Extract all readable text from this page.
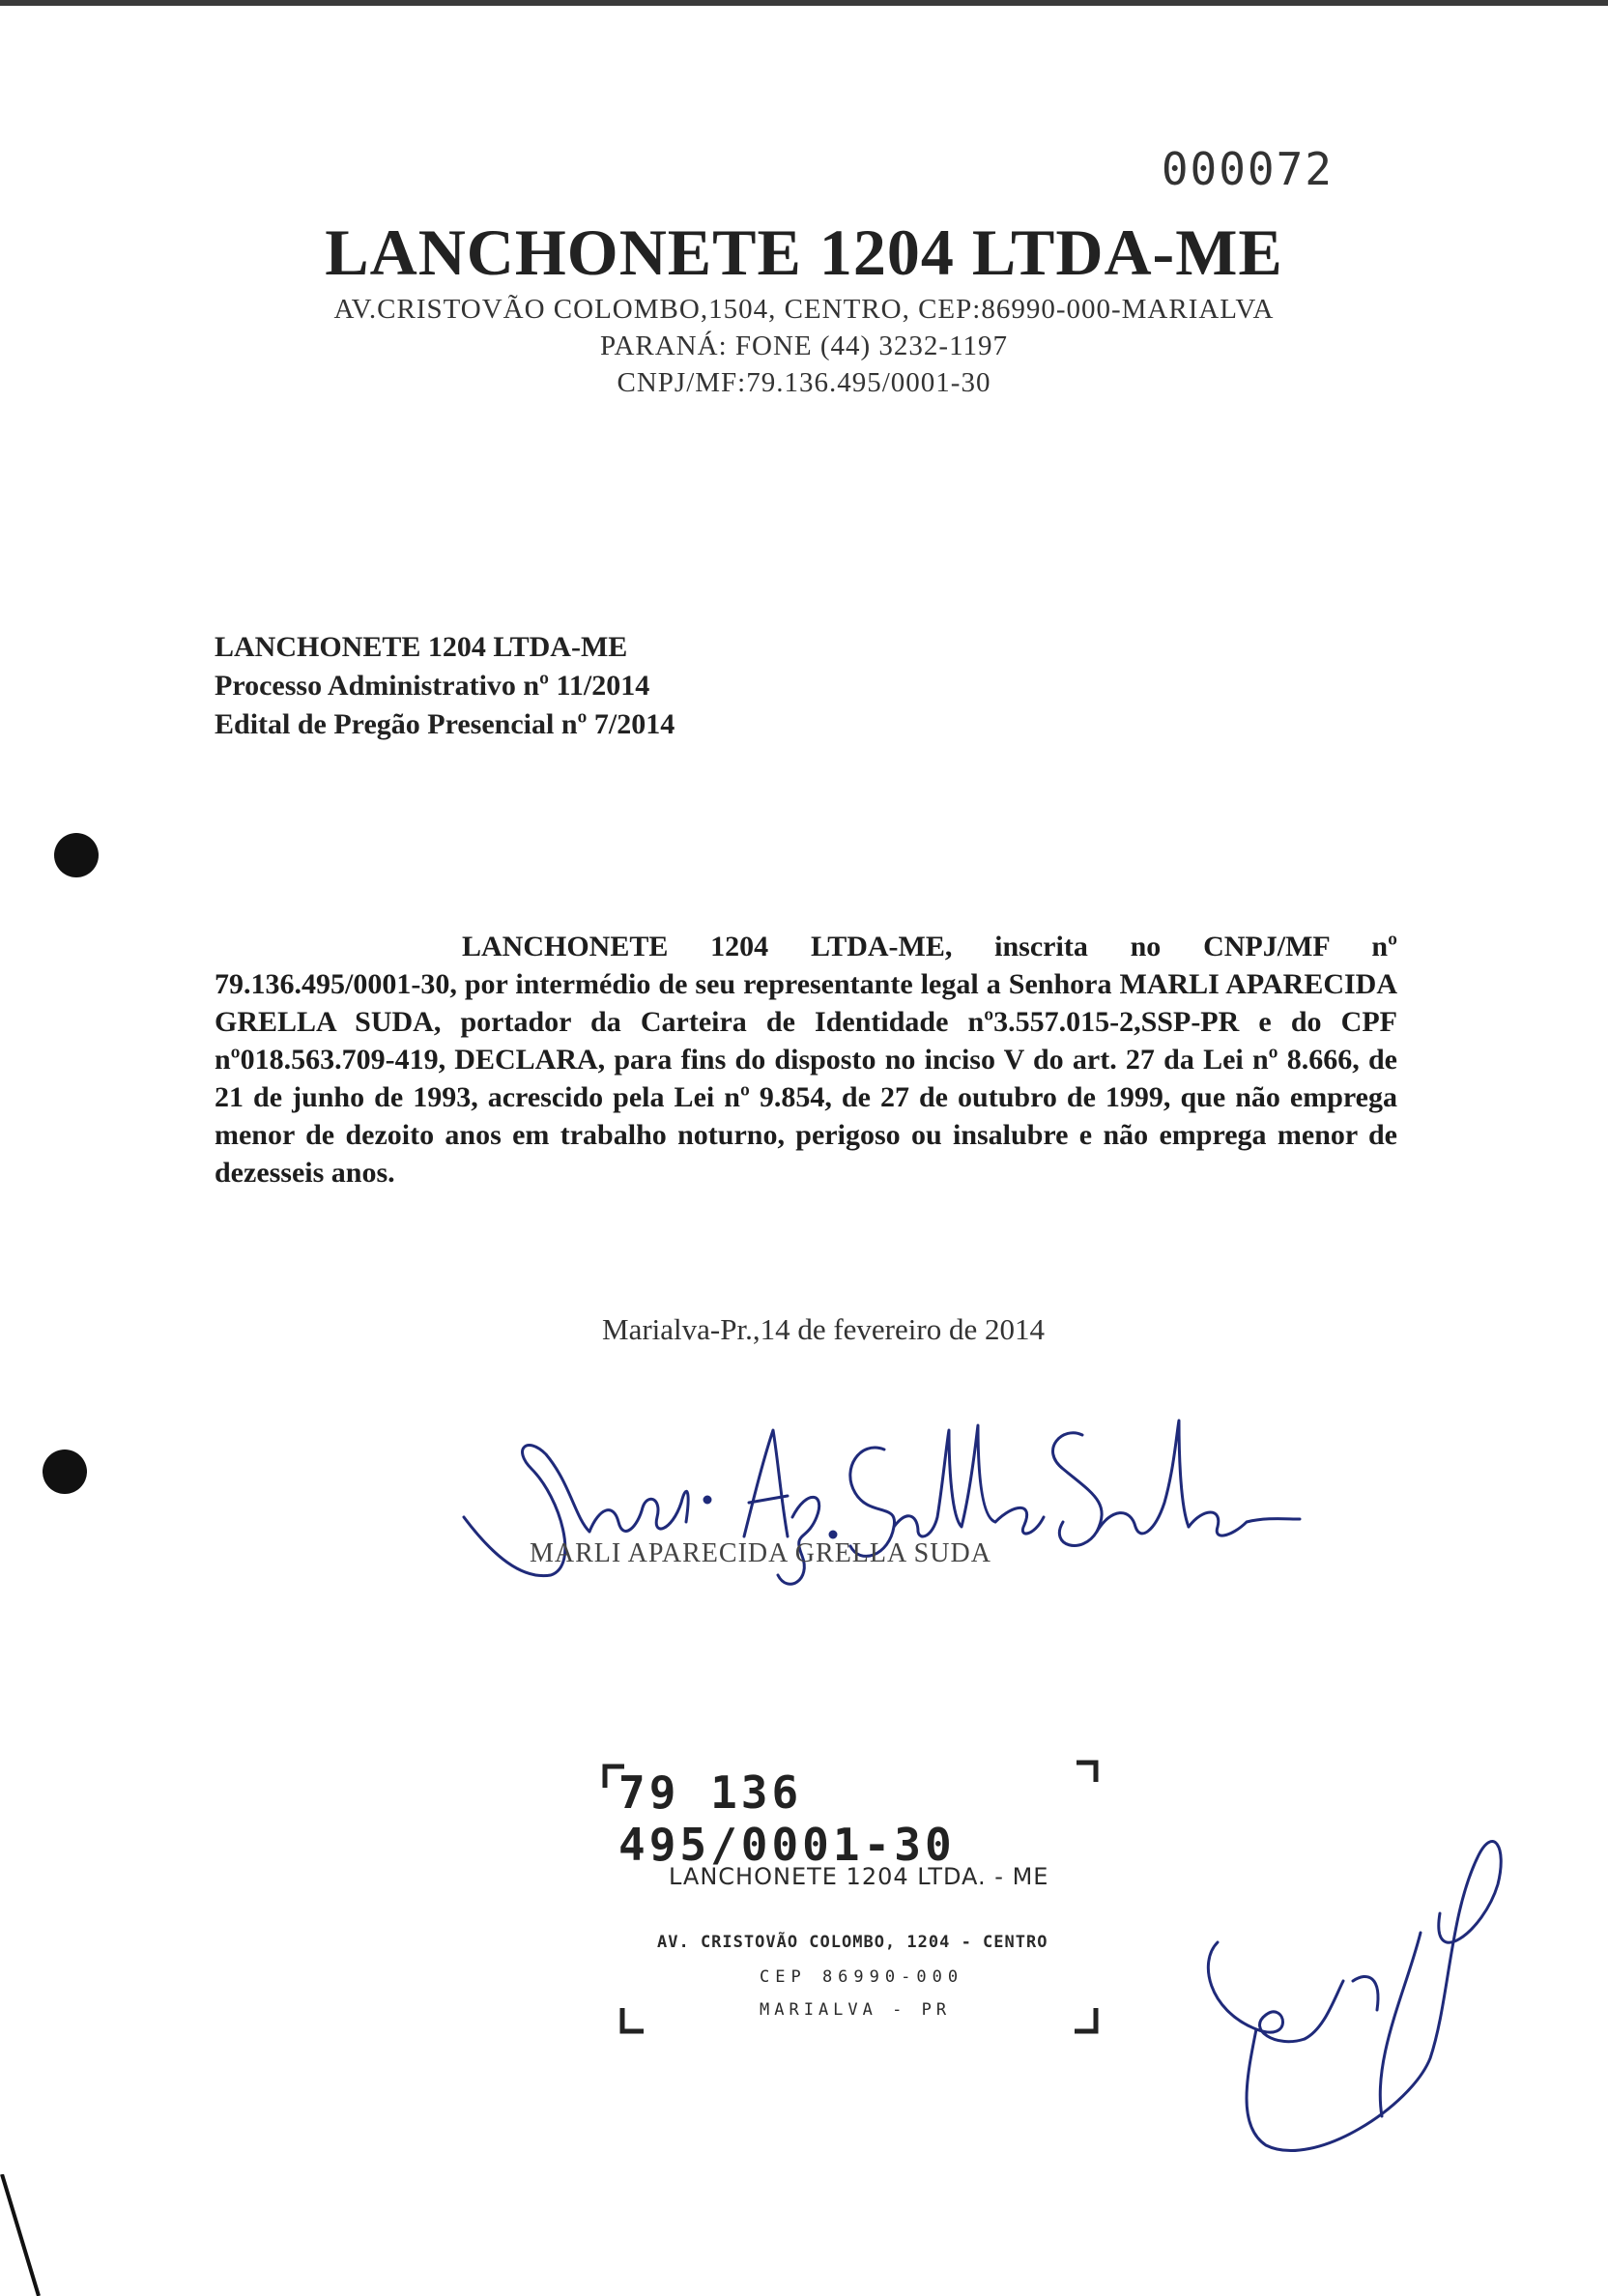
000072
LANCHONETE 1204 LTDA-ME

AV.CRISTOVÃO COLOMBO,1504, CENTRO, CEP:86990-000-MARIALVA

PARANÁ: FONE (44) 3232-1197

CNPJ/MF:79.136.495/0001-30

LANCHONETE 1204 LTDA-ME
Processo Administrativo nº 11/2014
Edital de Pregão Presencial nº 7/2014

LANCHONETE 1204 LTDA-ME, inscrita no CNPJ/MF nº 79.136.495/0001-30, por intermédio de seu representante legal a Senhora MARLI APARECIDA GRELLA SUDA, portador da Carteira de Identidade nº3.557.015-2,SSP-PR e do CPF nº018.563.709-419, DECLARA, para fins do disposto no inciso V do art. 27 da Lei nº 8.666, de 21 de junho de 1993, acrescido pela Lei nº 9.854, de 27 de outubro de 1999, que não emprega menor de dezoito anos em trabalho noturno, perigoso ou insalubre e não emprega menor de dezesseis anos.

Marialva-Pr.,14 de fevereiro de 2014
MARLI APARECIDA GRELLA SUDA
79 136 495/0001-30
LANCHONETE 1204 LTDA. - ME
AV. CRISTOVÃO COLOMBO, 1204 - CENTRO
CEP 86990-000
MARIALVA - PR
